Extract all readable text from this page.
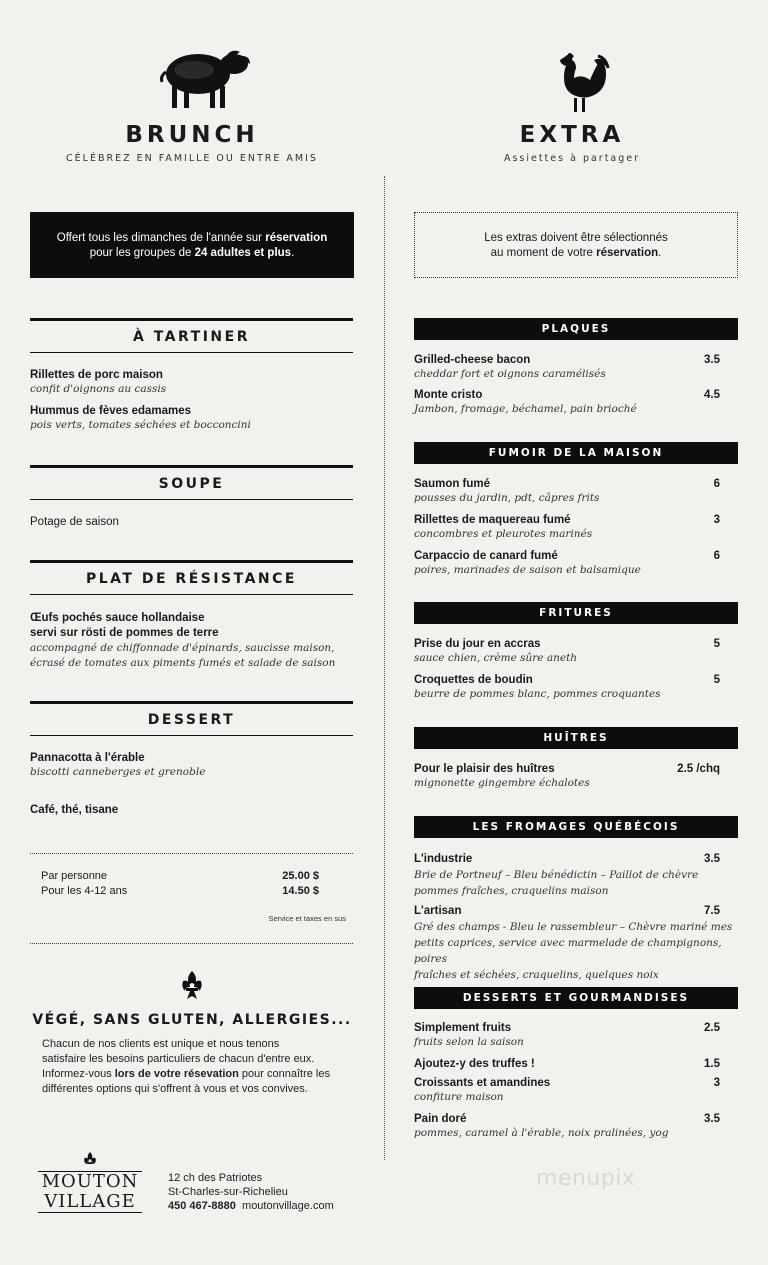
BRUNCH
CÉLÉBREZ EN FAMILLE OU ENTRE AMIS
EXTRA
Assiettes à partager
Offert tous les dimanches de l'année sur réservation
pour les groupes de 24 adultes et plus.
À TARTINER
Rillettes de porc maison
confit d'oignons au cassis
Hummus de fèves edamames
pois verts, tomates séchées et bocconcini
SOUPE
Potage de saison
PLAT DE RÉSISTANCE
Œufs pochés sauce hollandaise
servi sur rösti de pommes de terre
accompagné de chiffonnade d'épinards, saucisse maison,
écrasé de tomates aux piments fumés et salade de saison
DESSERT
Pannacotta à l'érable
biscotti canneberges et grenoble
Café, thé, tisane
Par personne	25.00 $
Pour les 4-12 ans	14.50 $
Service et taxes en sus
VÉGÉ, SANS GLUTEN, ALLERGIES...
Chacun de nos clients est unique et nous tenons
satisfaire les besoins particuliers de chacun d'entre eux.
Informez-vous lors de votre résevation pour connaître les
différentes options qui s'offrent à vous et vos convives.
MOUTON
VILLAGE
12 ch des Patriotes
St-Charles-sur-Richelieu
450 467-8880 moutonvillage.com
Les extras doivent être sélectionnés
au moment de votre réservation.
PLAQUES
Grilled-cheese bacon	3.5
cheddar fort et oignons caramélisés
Monte cristo	4.5
Jambon, fromage, béchamel, pain brioché
FUMOIR DE LA MAISON
Saumon fumé	6
pousses du jardin, pdt, câpres frits
Rillettes de maquereau fumé	3
concombres et pleurotes marinés
Carpaccio de canard fumé	6
poires, marinades de saison et balsamique
FRITURES
Prise du jour en accras	5
sauce chien, crème sûre aneth
Croquettes de boudin	5
beurre de pommes blanc, pommes croquantes
HUÎTRES
Pour le plaisir des huîtres	2.5 /chq
mignonette gingembre échalotes
LES FROMAGES QUÉBÉCOIS
L'industrie	3.5
Brie de Portneuf – Bleu bénédictin – Paillot de chèvre
pommes fraîches, craquelins maison
L'artisan	7.5
Gré des champs - Bleu le rassembleur – Chèvre mariné mes
petits caprices, service avec marmelade de champignons, poires
fraîches et séchées, craquelins, quelques noix
DESSERTS ET GOURMANDISES
Simplement fruits	2.5
fruits selon la saison
Ajoutez-y des truffes !	1.5
Croissants et amandines	3
confiture maison
Pain doré	3.5
pommes, caramel à l'érable, noix pralinées, yog
menupix
